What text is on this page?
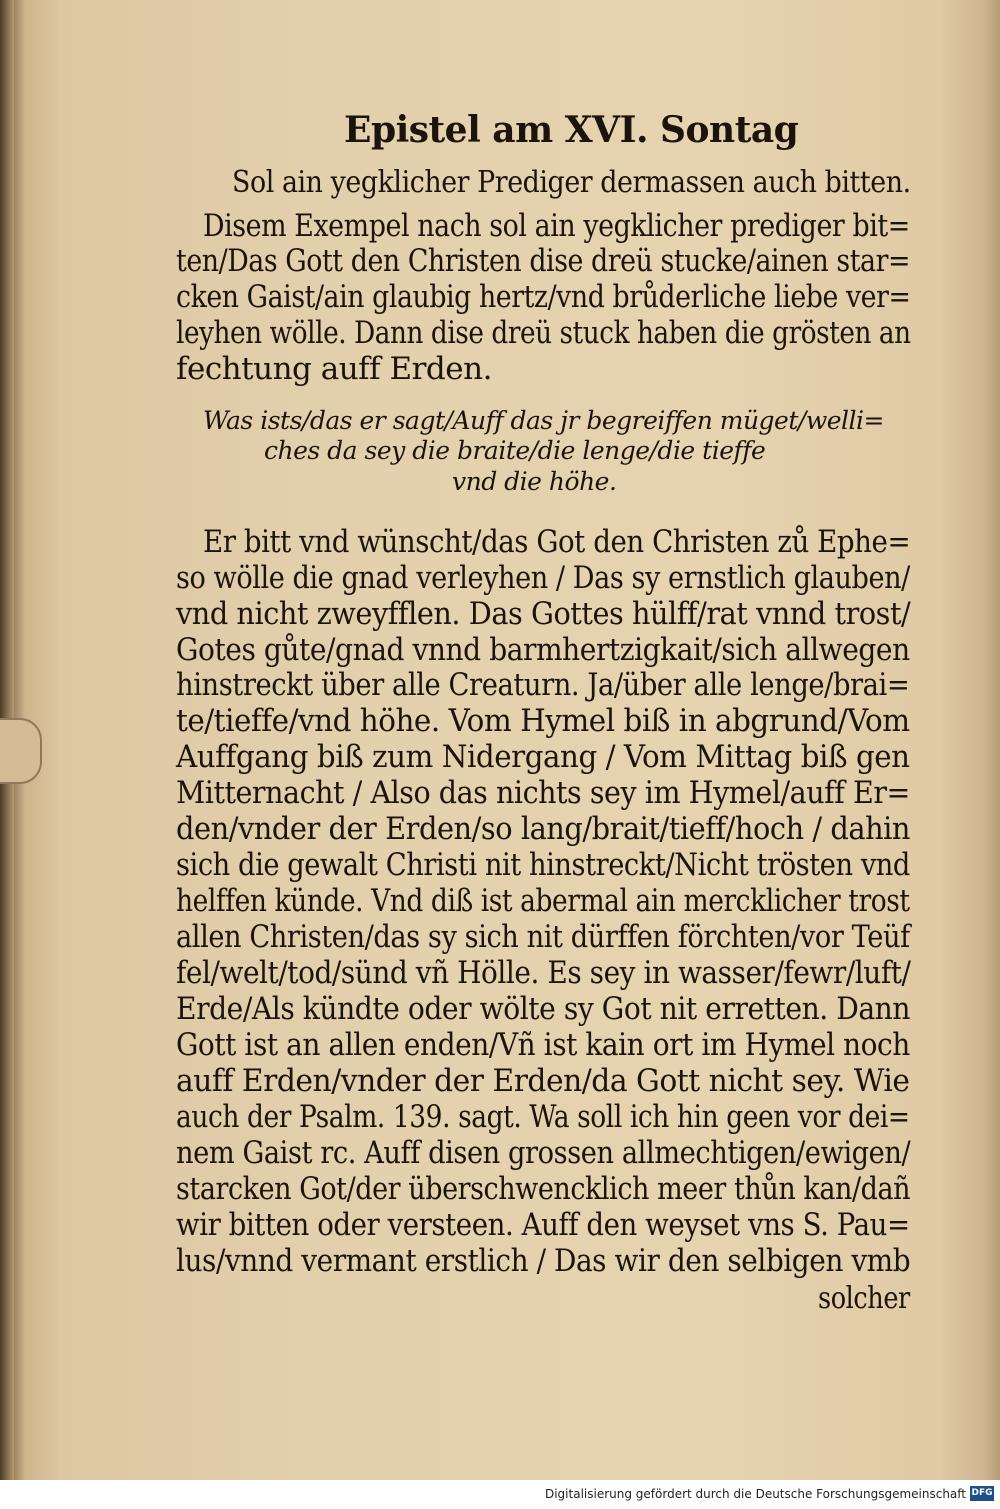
Epistel am XVI. Sontag
Sol ain yegklicher Prediger dermassen auch bitten.
Disem Exempel nach sol ain yegklicher prediger bit=
ten/Das Gott den Christen dise dreü stucke/ainen star=
cken Gaist/ain glaubig hertz/vnd brůderliche liebe ver=
leyhen wölle. Dann dise dreü stuck haben die grösten an
fechtung auff Erden.
Was ists/das er sagt/Auff das jr begreiffen müget/welli=
ches da sey die braite/die lenge/die tieffe
vnd die höhe.
Er bitt vnd wünscht/das Got den Christen zů Ephe=
so wölle die gnad verleyhen / Das sy ernstlich glauben/
vnd nicht zweyfflen. Das Gottes hülff/rat vnnd trost/
Gotes gůte/gnad vnnd barmhertzigkait/sich allwegen
hinstreckt über alle Creaturn. Ja/über alle lenge/brai=
te/tieffe/vnd höhe. Vom Hymel biß in abgrund/Vom
Auffgang biß zum Nidergang / Vom Mittag biß gen
Mitternacht / Also das nichts sey im Hymel/auff Er=
den/vnder der Erden/so lang/brait/tieff/hoch / dahin
sich die gewalt Christi nit hinstreckt/Nicht trösten vnd
helffen künde. Vnd diß ist abermal ain mercklicher trost
allen Christen/das sy sich nit dürffen förchten/vor Teüf
fel/welt/tod/sünd vñ Hölle. Es sey in wasser/fewr/luft/
Erde/Als kündte oder wölte sy Got nit erretten. Dann
Gott ist an allen enden/Vñ ist kain ort im Hymel noch
auff Erden/vnder der Erden/da Gott nicht sey. Wie
auch der Psalm. 139. sagt. Wa soll ich hin geen vor dei=
nem Gaist rc. Auff disen grossen allmechtigen/ewigen/
starcken Got/der überschwencklich meer thůn kan/dañ
wir bitten oder versteen. Auff den weyset vns S. Pau=
lus/vnnd vermant erstlich / Das wir den selbigen vmb
solcher
Digitalisierung gefördert durch die Deutsche Forschungsgemeinschaft DFG
